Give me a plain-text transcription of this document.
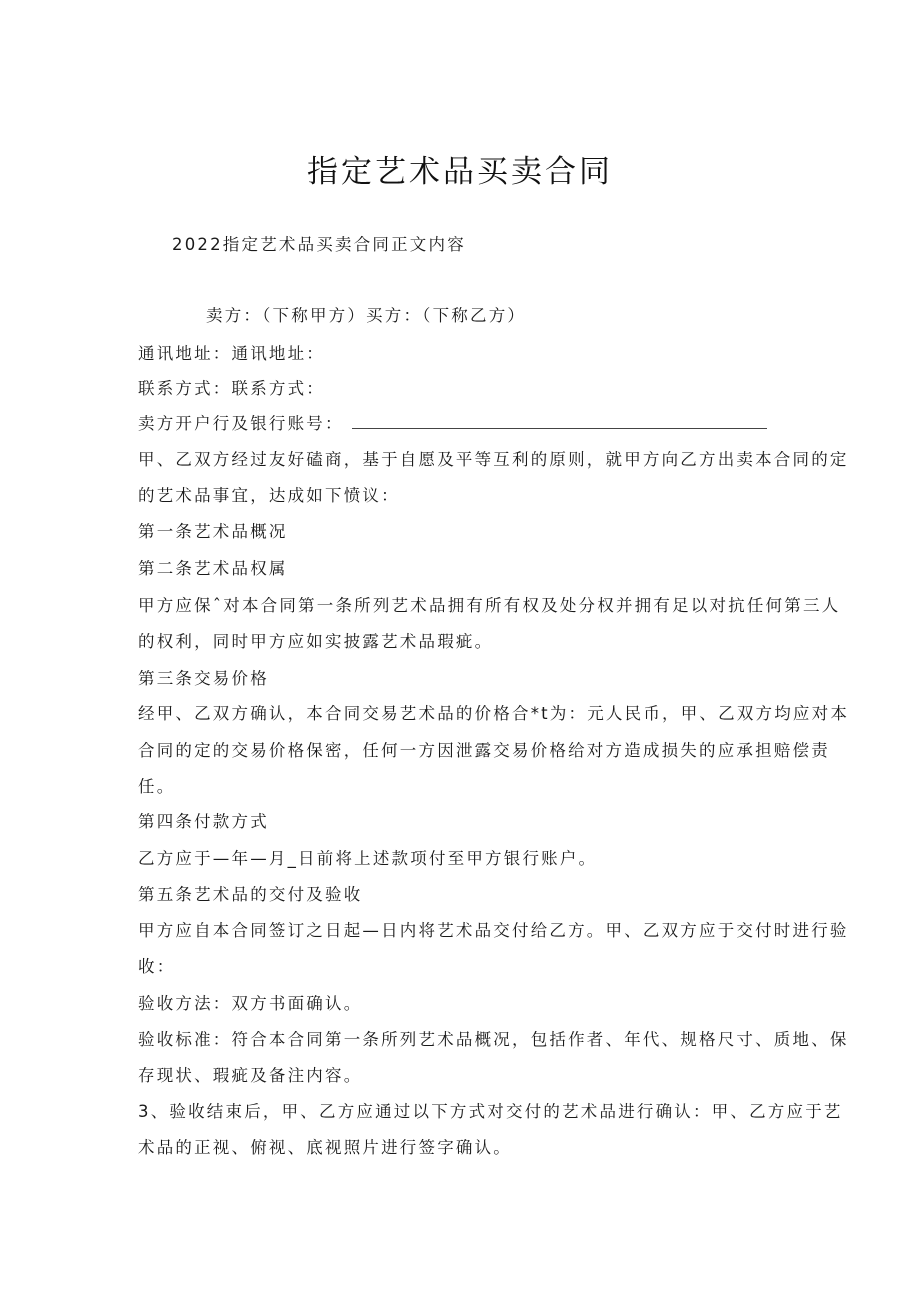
指定艺术品买卖合同
2022指定艺术品买卖合同正文内容
卖方：（下称甲方）买方：（下称乙方）
通讯地址：通讯地址：
联系方式：联系方式：
卖方开户行及银行账号：
甲、乙双方经过友好磕商，基于自愿及平等互利的原则，就甲方向乙方出卖本合同的定
的艺术品事宜，达成如下愤议：
第一条艺术品概况
第二条艺术品权属
甲方应保ˆ对本合同第一条所列艺术品拥有所有权及处分权并拥有足以对抗任何第三人
的权利，同时甲方应如实披露艺术品瑕疵。
第三条交易价格
经甲、乙双方确认，本合同交易艺术品的价格合*t为：元人民币，甲、乙双方均应对本
合同的定的交易价格保密，任何一方因泄露交易价格给对方造成损失的应承担赔偿责
任。
第四条付款方式
乙方应于—年—月_日前将上述款项付至甲方银行账户。
第五条艺术品的交付及验收
甲方应自本合同签订之日起—日内将艺术品交付给乙方。甲、乙双方应于交付时进行验
收：
验收方法：双方书面确认。
验收标准：符合本合同第一条所列艺术品概况，包括作者、年代、规格尺寸、质地、保
存现状、瑕疵及备注内容。
3、验收结束后，甲、乙方应通过以下方式对交付的艺术品进行确认：甲、乙方应于艺
术品的正视、俯视、底视照片进行签字确认。
